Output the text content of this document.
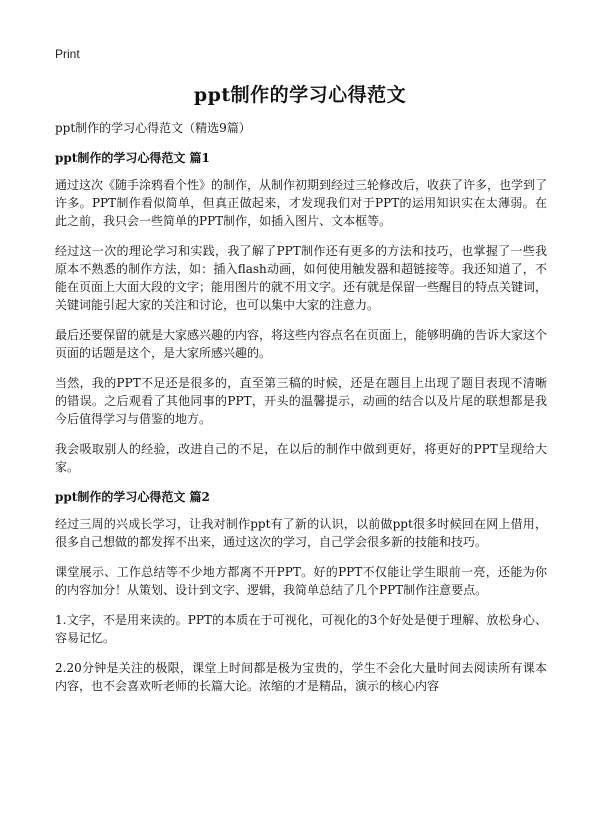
Print
ppt制作的学习心得范文

ppt制作的学习心得范文（精选9篇）

ppt制作的学习心得范文 篇1

通过这次《随手涂鸦看个性》的制作，从制作初期到经过三轮修改后，收获了许多，也学到了许多。PPT制作看似简单，但真正做起来，才发现我们对于PPT的运用知识实在太薄弱。在此之前，我只会一些简单的PPT制作，如插入图片、文本框等。

经过这一次的理论学习和实践，我了解了PPT制作还有更多的方法和技巧，也掌握了一些我原本不熟悉的制作方法，如：插入flash动画，如何使用触发器和超链接等。我还知道了，不能在页面上大面大段的文字；能用图片的就不用文字。还有就是保留一些醒目的特点关键词，关键词能引起大家的关注和讨论，也可以集中大家的注意力。

最后还要保留的就是大家感兴趣的内容，将这些内容点名在页面上，能够明确的告诉大家这个页面的话题是这个，是大家所感兴趣的。

当然，我的PPT不足还是很多的，直至第三稿的时候，还是在题目上出现了题目表现不清晰的错误。之后观看了其他同事的PPT，开头的温馨提示，动画的结合以及片尾的联想都是我今后值得学习与借鉴的地方。

我会吸取别人的经验，改进自己的不足，在以后的制作中做到更好，将更好的PPT呈现给大家。

ppt制作的学习心得范文 篇2

经过三周的兴成长学习，让我对制作ppt有了新的认识，以前做ppt很多时候回在网上借用，很多自己想做的都发挥不出来，通过这次的学习，自己学会很多新的技能和技巧。

课堂展示、工作总结等不少地方都离不开PPT。好的PPT不仅能让学生眼前一亮，还能为你的内容加分！从策划、设计到文字、逻辑，我简单总结了几个PPT制作注意要点。

1.文字，不是用来读的。PPT的本质在于可视化，可视化的3个好处是便于理解、放松身心、容易记忆。

2.20分钟是关注的极限，课堂上时间都是极为宝贵的，学生不会化大量时间去阅读所有课本内容，也不会喜欢听老师的长篇大论。浓缩的才是精品，演示的核心内容
